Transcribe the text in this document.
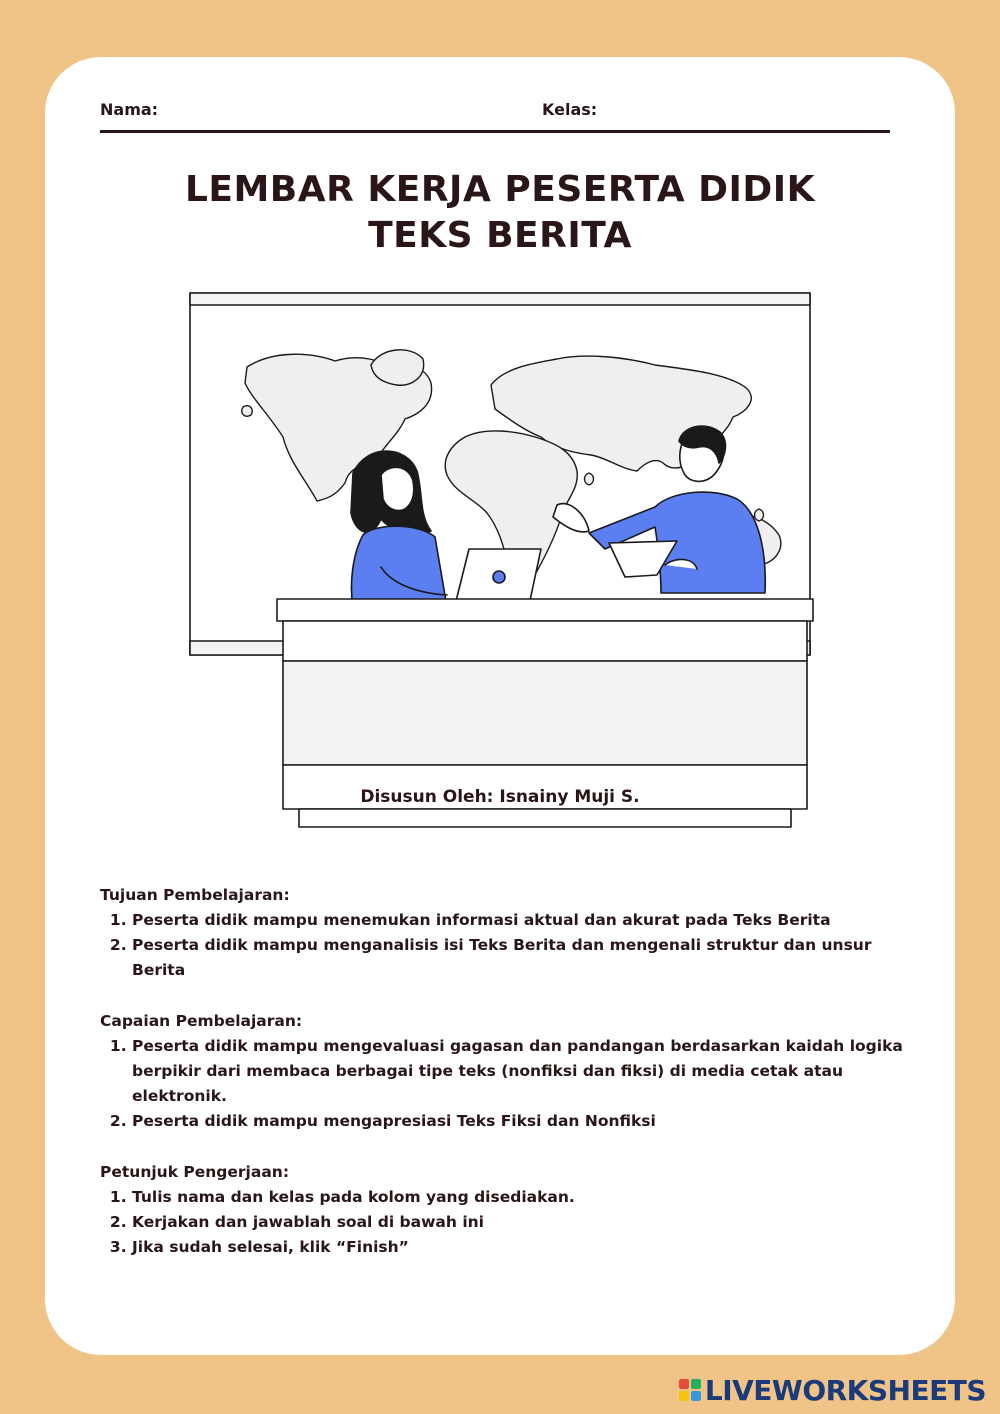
Nama:	Kelas:
LEMBAR KERJA PESERTA DIDIK
TEKS BERITA
Disusun Oleh: Isnainy Muji S.
Tujuan Pembelajaran:
1. Peserta didik mampu menemukan informasi aktual dan akurat pada Teks Berita
2. Peserta didik mampu menganalisis isi Teks Berita dan mengenali struktur dan unsur Berita
Capaian Pembelajaran:
1. Peserta didik mampu mengevaluasi gagasan dan pandangan berdasarkan kaidah logika berpikir dari membaca berbagai tipe teks (nonfiksi dan fiksi) di media cetak atau elektronik.
2. Peserta didik mampu mengapresiasi Teks Fiksi dan Nonfiksi
Petunjuk Pengerjaan:
1. Tulis nama dan kelas pada kolom yang disediakan.
2. Kerjakan dan jawablah soal di bawah ini
3. Jika sudah selesai, klik “Finish”
LIVEWORKSHEETS
